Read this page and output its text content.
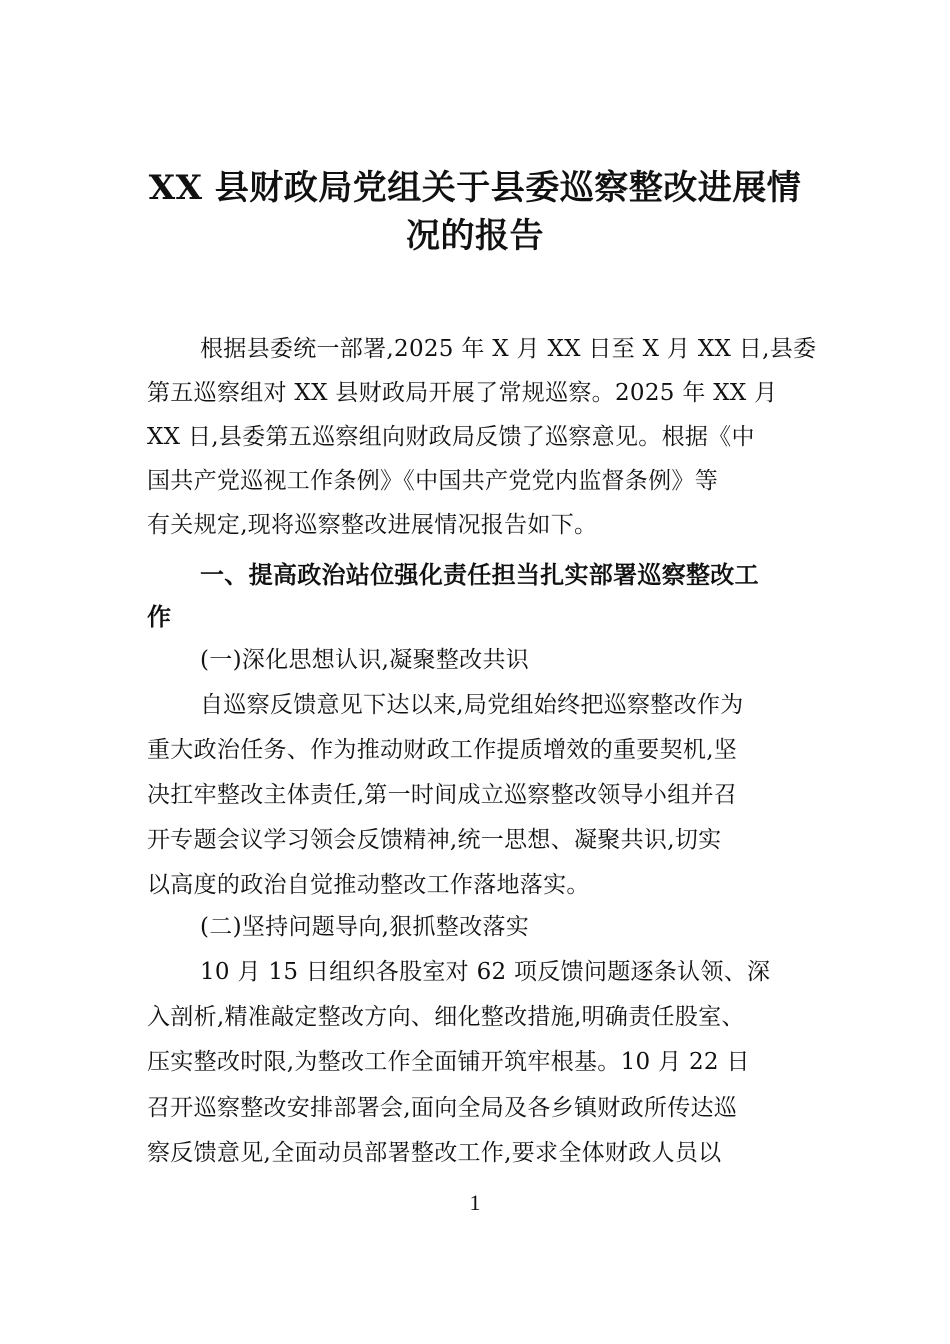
XX 县财政局党组关于县委巡察整改进展情
况的报告
根据县委统一部署,2025 年 X 月 XX 日至 X 月 XX 日,县委
第五巡察组对 XX 县财政局开展了常规巡察。2025 年 XX 月
XX 日,县委第五巡察组向财政局反馈了巡察意见。根据《中
国共产党巡视工作条例》《中国共产党党内监督条例》等
有关规定,现将巡察整改进展情况报告如下。
一、提高政治站位强化责任担当扎实部署巡察整改工
作
(一)深化思想认识,凝聚整改共识
自巡察反馈意见下达以来,局党组始终把巡察整改作为
重大政治任务、作为推动财政工作提质增效的重要契机,坚
决扛牢整改主体责任,第一时间成立巡察整改领导小组并召
开专题会议学习领会反馈精神,统一思想、凝聚共识,切实
以高度的政治自觉推动整改工作落地落实。
(二)坚持问题导向,狠抓整改落实
10 月 15 日组织各股室对 62 项反馈问题逐条认领、深
入剖析,精准敲定整改方向、细化整改措施,明确责任股室、
压实整改时限,为整改工作全面铺开筑牢根基。10 月 22 日
召开巡察整改安排部署会,面向全局及各乡镇财政所传达巡
察反馈意见,全面动员部署整改工作,要求全体财政人员以
1
